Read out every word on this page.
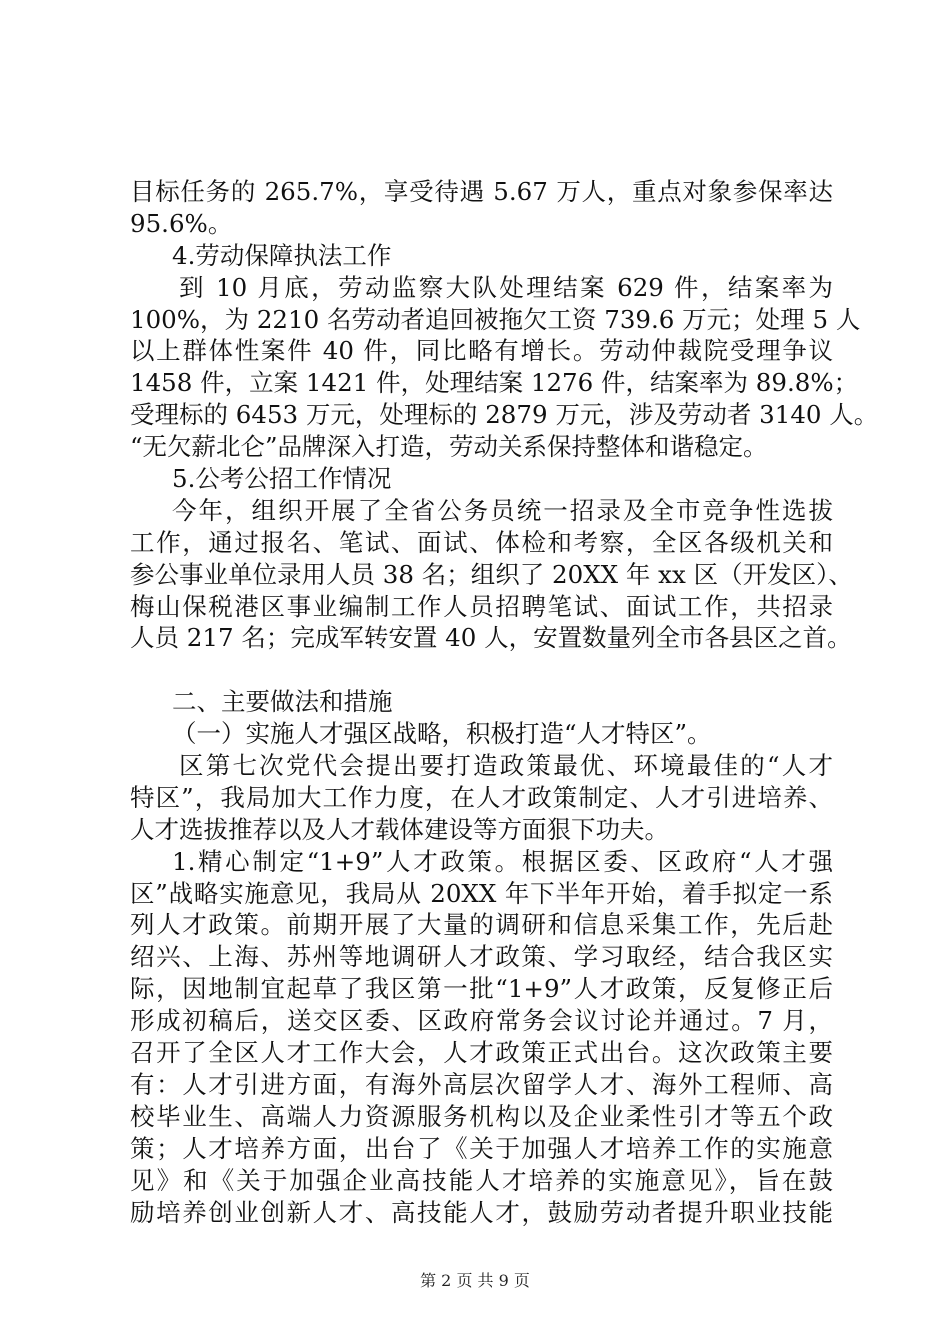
目标任务的 265.7%，享受待遇 5.67 万人，重点对象参保率达
95.6%。
4.劳动保障执法工作
到 10 月底，劳动监察大队处理结案 629 件，结案率为
100%，为 2210 名劳动者追回被拖欠工资 739.6 万元；处理 5 人
以上群体性案件 40 件，同比略有增长。劳动仲裁院受理争议
1458 件，立案 1421 件，处理结案 1276 件，结案率为 89.8%；
受理标的 6453 万元，处理标的 2879 万元，涉及劳动者 3140 人。
“无欠薪北仑”品牌深入打造，劳动关系保持整体和谐稳定。
5.公考公招工作情况
今年，组织开展了全省公务员统一招录及全市竞争性选拔
工作，通过报名、笔试、面试、体检和考察，全区各级机关和
参公事业单位录用人员 38 名；组织了 20XX 年 xx 区（开发区）、
梅山保税港区事业编制工作人员招聘笔试、面试工作，共招录
人员 217 名；完成军转安置 40 人，安置数量列全市各县区之首。
二、主要做法和措施
（一）实施人才强区战略，积极打造“人才特区”。
区第七次党代会提出要打造政策最优、环境最佳的“人才
特区”，我局加大工作力度，在人才政策制定、人才引进培养、
人才选拔推荐以及人才载体建设等方面狠下功夫。
1.精心制定“1+9”人才政策。根据区委、区政府“人才强
区”战略实施意见，我局从 20XX 年下半年开始，着手拟定一系
列人才政策。前期开展了大量的调研和信息采集工作，先后赴
绍兴、上海、苏州等地调研人才政策、学习取经，结合我区实
际，因地制宜起草了我区第一批“1+9”人才政策，反复修正后
形成初稿后，送交区委、区政府常务会议讨论并通过。7 月，
召开了全区人才工作大会，人才政策正式出台。这次政策主要
有：人才引进方面，有海外高层次留学人才、海外工程师、高
校毕业生、高端人力资源服务机构以及企业柔性引才等五个政
策；人才培养方面，出台了《关于加强人才培养工作的实施意
见》和《关于加强企业高技能人才培养的实施意见》，旨在鼓
励培养创业创新人才、高技能人才，鼓励劳动者提升职业技能
第 2 页 共 9 页
